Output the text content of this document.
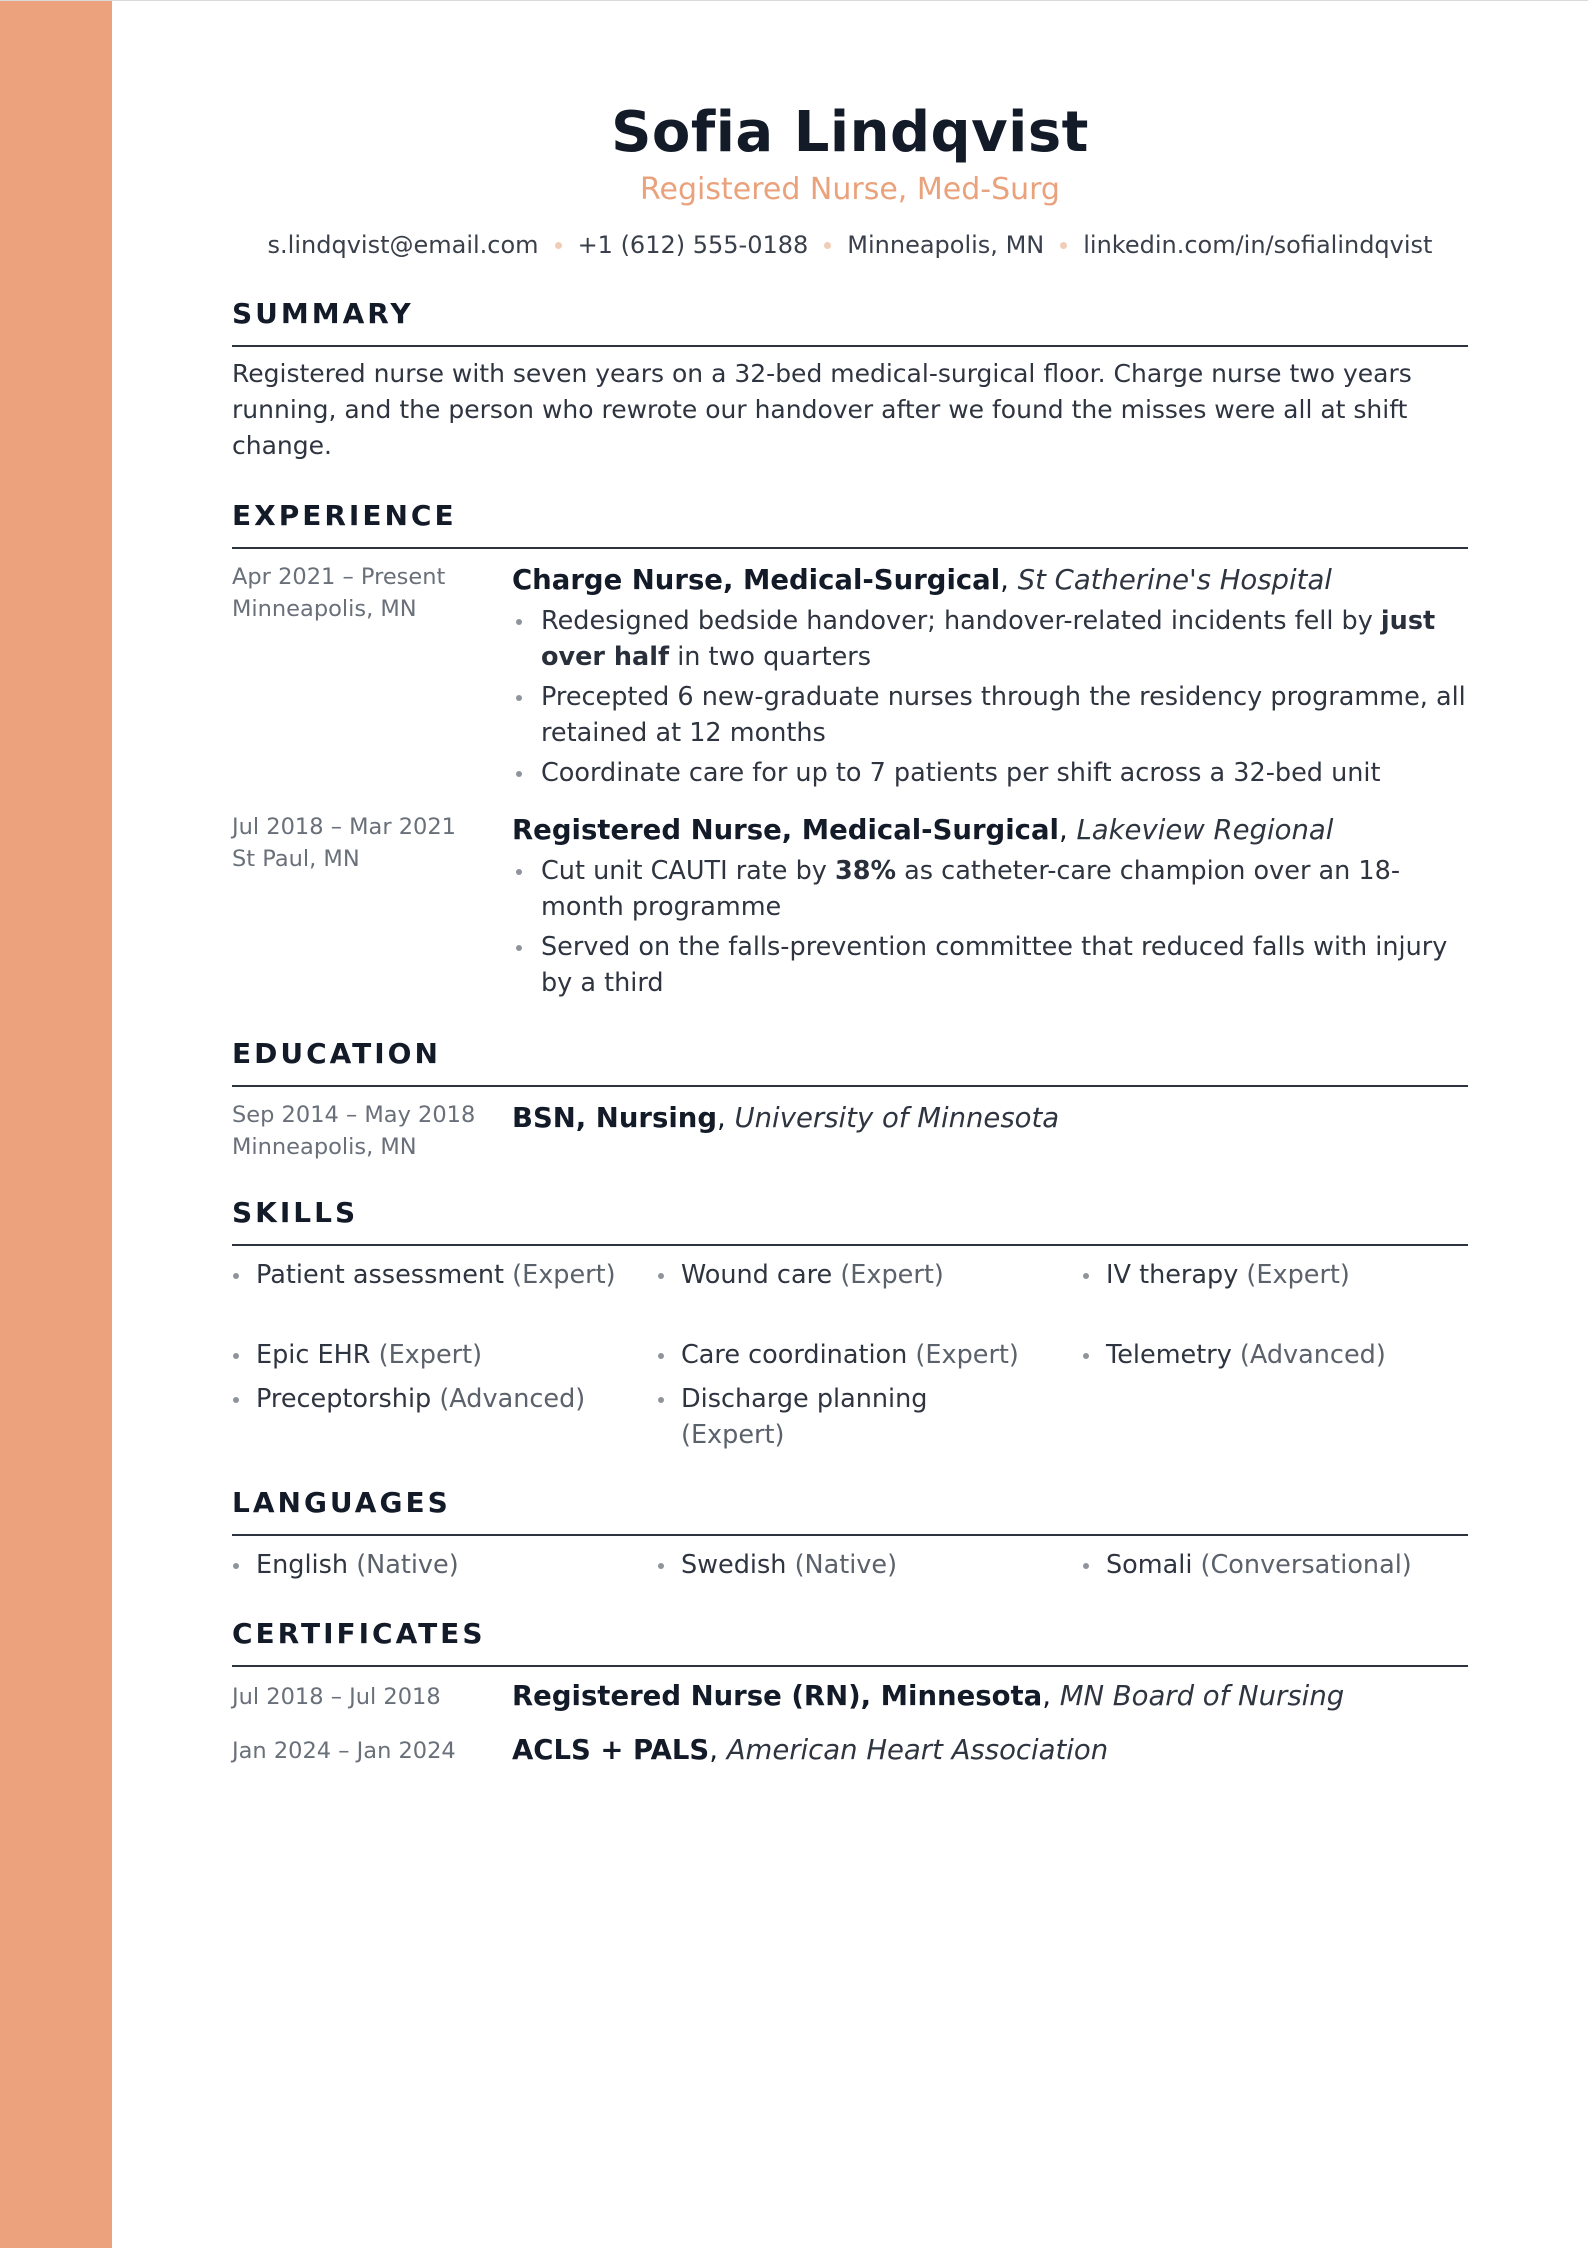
Sofia Lindqvist
Registered Nurse, Med-Surg
s.lindqvist@email.com +1 (612) 555-0188 Minneapolis, MN linkedin.com/in/sofialindqvist
SUMMARY
Registered nurse with seven years on a 32-bed medical-surgical floor. Charge nurse two years running, and the person who rewrote our handover after we found the misses were all at shift change.
EXPERIENCE
Apr 2021 – Present
Minneapolis, MN
Charge Nurse, Medical-Surgical, St Catherine's Hospital
Redesigned bedside handover; handover-related incidents fell by just over half in two quarters
Precepted 6 new-graduate nurses through the residency programme, all retained at 12 months
Coordinate care for up to 7 patients per shift across a 32-bed unit
Jul 2018 – Mar 2021
St Paul, MN
Registered Nurse, Medical-Surgical, Lakeview Regional
Cut unit CAUTI rate by 38% as catheter-care champion over an 18-month programme
Served on the falls-prevention committee that reduced falls with injury by a third
EDUCATION
Sep 2014 – May 2018
Minneapolis, MN
BSN, Nursing, University of Minnesota
SKILLS
Patient assessment (Expert)	Wound care (Expert)	IV therapy (Expert)
Epic EHR (Expert)	Care coordination (Expert)	Telemetry (Advanced)
Preceptorship (Advanced)	Discharge planning (Expert)
LANGUAGES
English (Native)	Swedish (Native)	Somali (Conversational)
CERTIFICATES
Jul 2018 – Jul 2018	Registered Nurse (RN), Minnesota, MN Board of Nursing
Jan 2024 – Jan 2024	ACLS + PALS, American Heart Association
